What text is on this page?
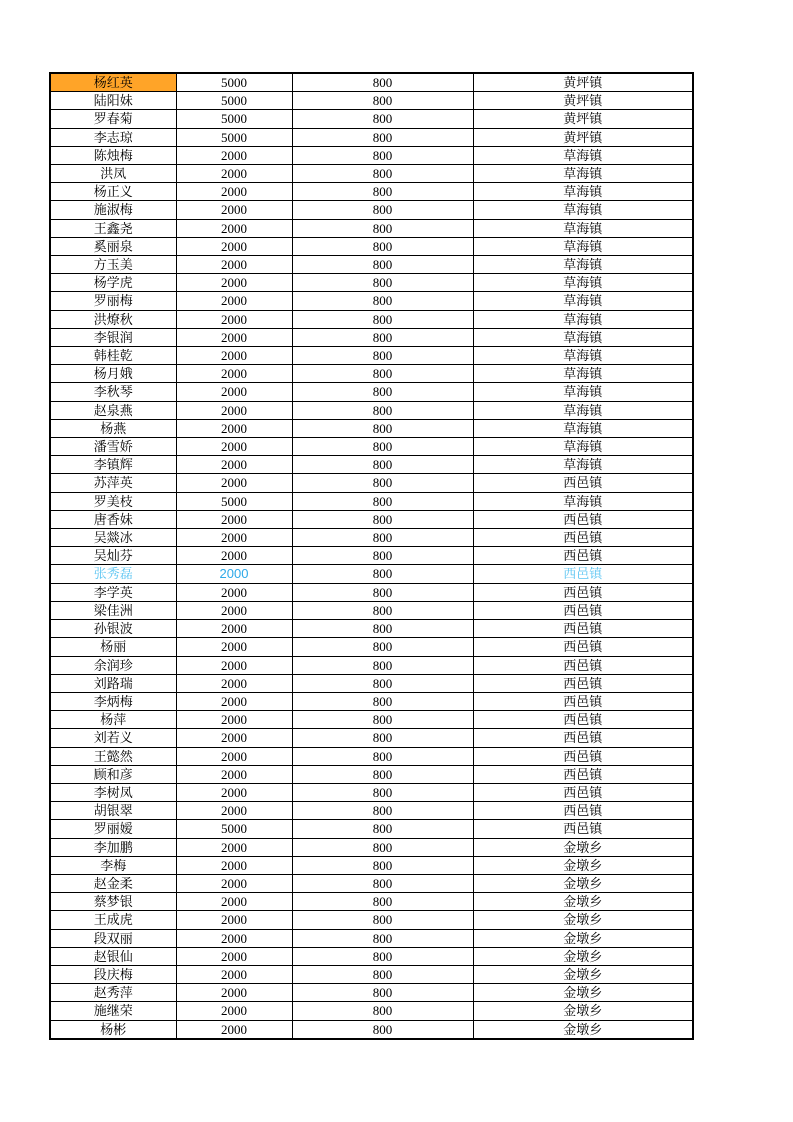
杨红英	5000	800	黄坪镇
陆阳妹	5000	800	黄坪镇
罗春菊	5000	800	黄坪镇
李志琼	5000	800	黄坪镇
陈烛梅	2000	800	草海镇
洪凤	2000	800	草海镇
杨正义	2000	800	草海镇
施淑梅	2000	800	草海镇
王鑫尧	2000	800	草海镇
奚丽泉	2000	800	草海镇
方玉美	2000	800	草海镇
杨学虎	2000	800	草海镇
罗丽梅	2000	800	草海镇
洪燎秋	2000	800	草海镇
李银润	2000	800	草海镇
韩桂乾	2000	800	草海镇
杨月娥	2000	800	草海镇
李秋琴	2000	800	草海镇
赵泉燕	2000	800	草海镇
杨燕	2000	800	草海镇
潘雪娇	2000	800	草海镇
李镇辉	2000	800	草海镇
苏萍英	2000	800	西邑镇
罗美枝	5000	800	草海镇
唐香妹	2000	800	西邑镇
吴燚冰	2000	800	西邑镇
吴灿芬	2000	800	西邑镇
张秀磊	2000	800	西邑镇
李学英	2000	800	西邑镇
梁佳洲	2000	800	西邑镇
孙银波	2000	800	西邑镇
杨丽	2000	800	西邑镇
余润珍	2000	800	西邑镇
刘路瑞	2000	800	西邑镇
李炳梅	2000	800	西邑镇
杨萍	2000	800	西邑镇
刘若义	2000	800	西邑镇
王懿然	2000	800	西邑镇
顾和彦	2000	800	西邑镇
李树凤	2000	800	西邑镇
胡银翠	2000	800	西邑镇
罗丽嫒	5000	800	西邑镇
李加鹏	2000	800	金墩乡
李梅	2000	800	金墩乡
赵金柔	2000	800	金墩乡
蔡梦银	2000	800	金墩乡
王成虎	2000	800	金墩乡
段双丽	2000	800	金墩乡
赵银仙	2000	800	金墩乡
段庆梅	2000	800	金墩乡
赵秀萍	2000	800	金墩乡
施继荣	2000	800	金墩乡
杨彬	2000	800	金墩乡
